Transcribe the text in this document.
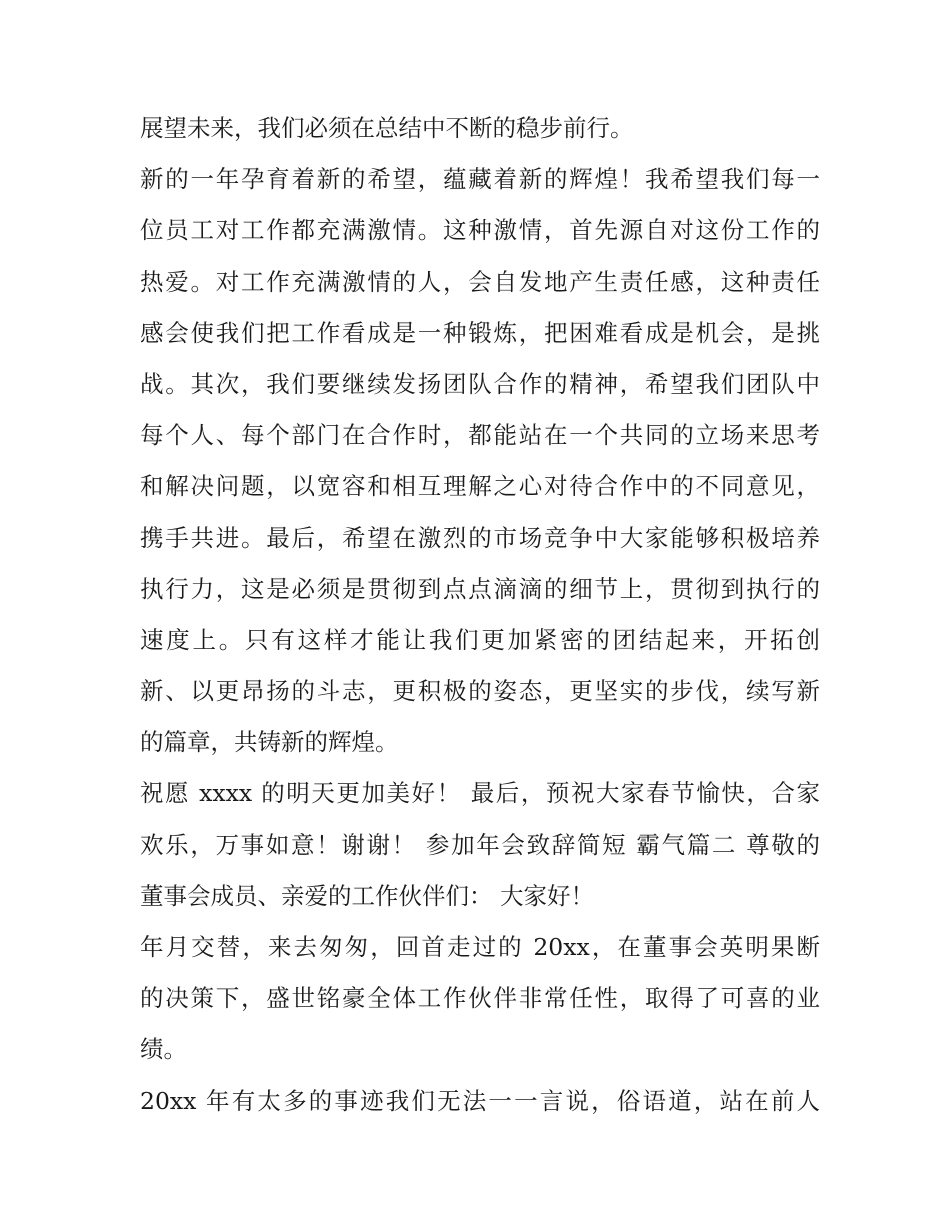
展望未来，我们必须在总结中不断的稳步前行。
新的一年孕育着新的希望，蕴藏着新的辉煌！我希望我们每一
位员工对工作都充满激情。这种激情，首先源自对这份工作的
热爱。对工作充满激情的人，会自发地产生责任感，这种责任
感会使我们把工作看成是一种锻炼，把困难看成是机会，是挑
战。其次，我们要继续发扬团队合作的精神，希望我们团队中
每个人、每个部门在合作时，都能站在一个共同的立场来思考
和解决问题，以宽容和相互理解之心对待合作中的不同意见，
携手共进。最后，希望在激烈的市场竞争中大家能够积极培养
执行力，这是必须是贯彻到点点滴滴的细节上，贯彻到执行的
速度上。只有这样才能让我们更加紧密的团结起来，开拓创
新、以更昂扬的斗志，更积极的姿态，更坚实的步伐，续写新
的篇章，共铸新的辉煌。
祝愿 xxxx 的明天更加美好！ 最后，预祝大家春节愉快，合家
欢乐，万事如意！谢谢！ 参加年会致辞简短 霸气篇二 尊敬的
董事会成员、亲爱的工作伙伴们： 大家好！
年月交替，来去匆匆，回首走过的 20xx，在董事会英明果断
的决策下，盛世铭豪全体工作伙伴非常任性，取得了可喜的业
绩。
20xx 年有太多的事迹我们无法一一言说，俗语道，站在前人
